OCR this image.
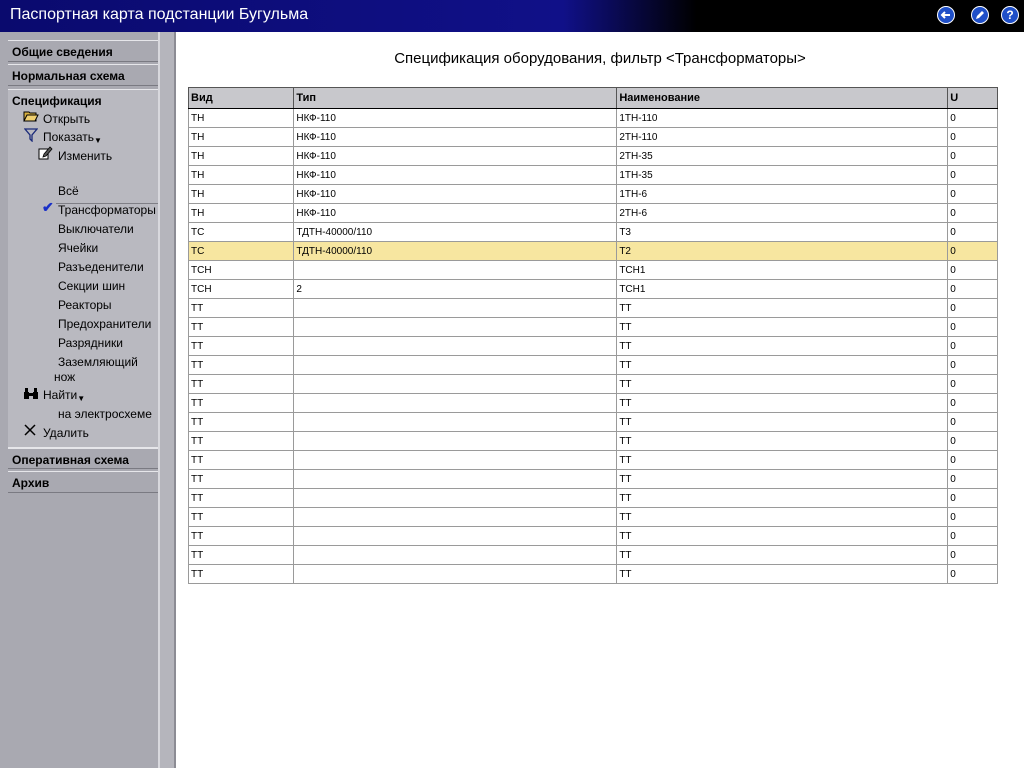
Паспортная карта подстанции Бугульма	?
Общие сведения
Нормальная схема
Спецификация
Открыть
Показать▼
Изменить
Всё
✔ Трансформаторы
Выключатели
Ячейки
Разъеденители
Секции шин
Реакторы
Предохранители
Разрядники
Заземляющий
нож
Найти▼
на электросхеме
Удалить
Оперативная схема
Архив
Спецификация оборудования, фильтр <Трансформаторы>
Вид	Тип	Наименование	U
ТН	НКФ-110	1ТН-110	0
ТН	НКФ-110	2ТН-110	0
ТН	НКФ-110	2ТН-35	0
ТН	НКФ-110	1ТН-35	0
ТН	НКФ-110	1ТН-6	0
ТН	НКФ-110	2ТН-6	0
ТС	ТДТН-40000/110	Т3	0
ТС	ТДТН-40000/110	Т2	0
ТСН		ТСН1	0
ТСН	2	ТСН1	0
ТТ		ТТ	0
ТТ		ТТ	0
ТТ		ТТ	0
ТТ		ТТ	0
ТТ		ТТ	0
ТТ		ТТ	0
ТТ		ТТ	0
ТТ		ТТ	0
ТТ		ТТ	0
ТТ		ТТ	0
ТТ		ТТ	0
ТТ		ТТ	0
ТТ		ТТ	0
ТТ		ТТ	0
ТТ		ТТ	0
